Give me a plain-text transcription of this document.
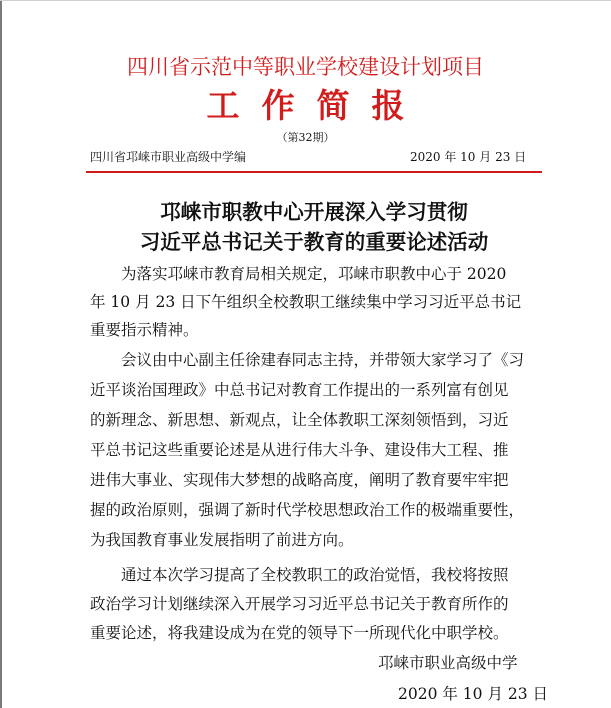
四川省示范中等职业学校建设计划项目
工作简报
（第32期）
四川省邛崃市职业高级中学编	2020 年 10 月 23 日
邛崃市职教中心开展深入学习贯彻
习近平总书记关于教育的重要论述活动
为落实邛崃市教育局相关规定，邛崃市职教中心于 2020
年 10 月 23 日下午组织全校教职工继续集中学习习近平总书记
重要指示精神。
会议由中心副主任徐建春同志主持，并带领大家学习了《习
近平谈治国理政》中总书记对教育工作提出的一系列富有创见
的新理念、新思想、新观点，让全体教职工深刻领悟到，习近
平总书记这些重要论述是从进行伟大斗争、建设伟大工程、推
进伟大事业、实现伟大梦想的战略高度，阐明了教育要牢牢把
握的政治原则，强调了新时代学校思想政治工作的极端重要性，
为我国教育事业发展指明了前进方向。
通过本次学习提高了全校教职工的政治觉悟，我校将按照
政治学习计划继续深入开展学习习近平总书记关于教育所作的
重要论述，将我建设成为在党的领导下一所现代化中职学校。
邛崃市职业高级中学
2020 年 10 月 23 日
